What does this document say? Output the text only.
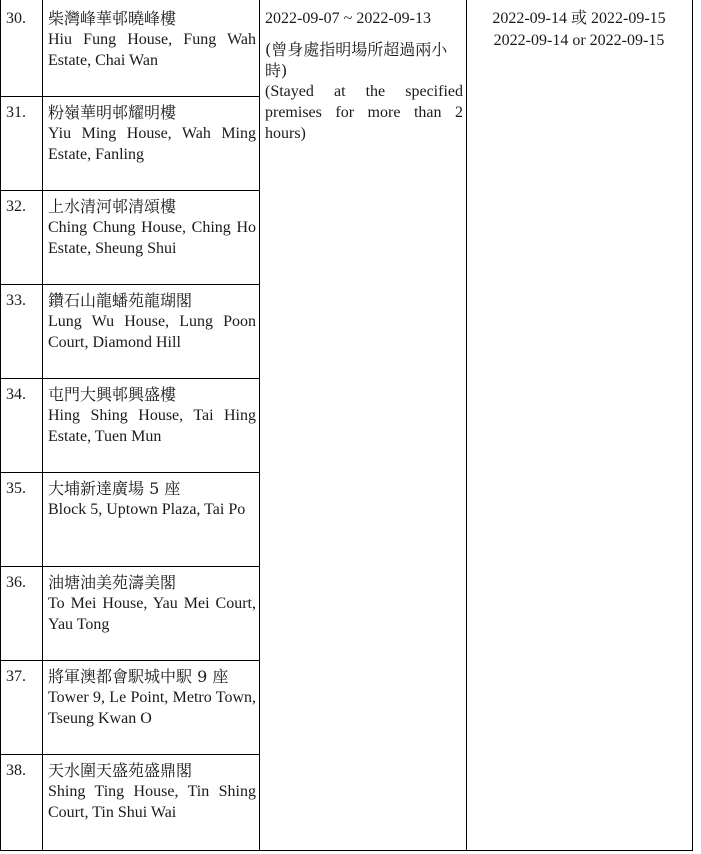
30. 柴灣峰華邨曉峰樓
Hiu Fung House, Fung Wah Estate, Chai Wan
31. 粉嶺華明邨耀明樓
Yiu Ming House, Wah Ming Estate, Fanling
32. 上水清河邨清頌樓
Ching Chung House, Ching Ho Estate, Sheung Shui
33. 鑽石山龍蟠苑龍瑚閣
Lung Wu House, Lung Poon Court, Diamond Hill
34. 屯門大興邨興盛樓
Hing Shing House, Tai Hing Estate, Tuen Mun
35. 大埔新達廣場 5 座
Block 5, Uptown Plaza, Tai Po
36. 油塘油美苑濤美閣
To Mei House, Yau Mei Court, Yau Tong
37. 將軍澳都會駅城中駅 9 座
Tower 9, Le Point, Metro Town, Tseung Kwan O
38. 天水圍天盛苑盛鼎閣
Shing Ting House, Tin Shing Court, Tin Shui Wai
2022-09-07 ~ 2022-09-13
(曾身處指明場所超過兩小時)
(Stayed at the specified premises for more than 2 hours)
2022-09-14 或 2022-09-15
2022-09-14 or 2022-09-15
